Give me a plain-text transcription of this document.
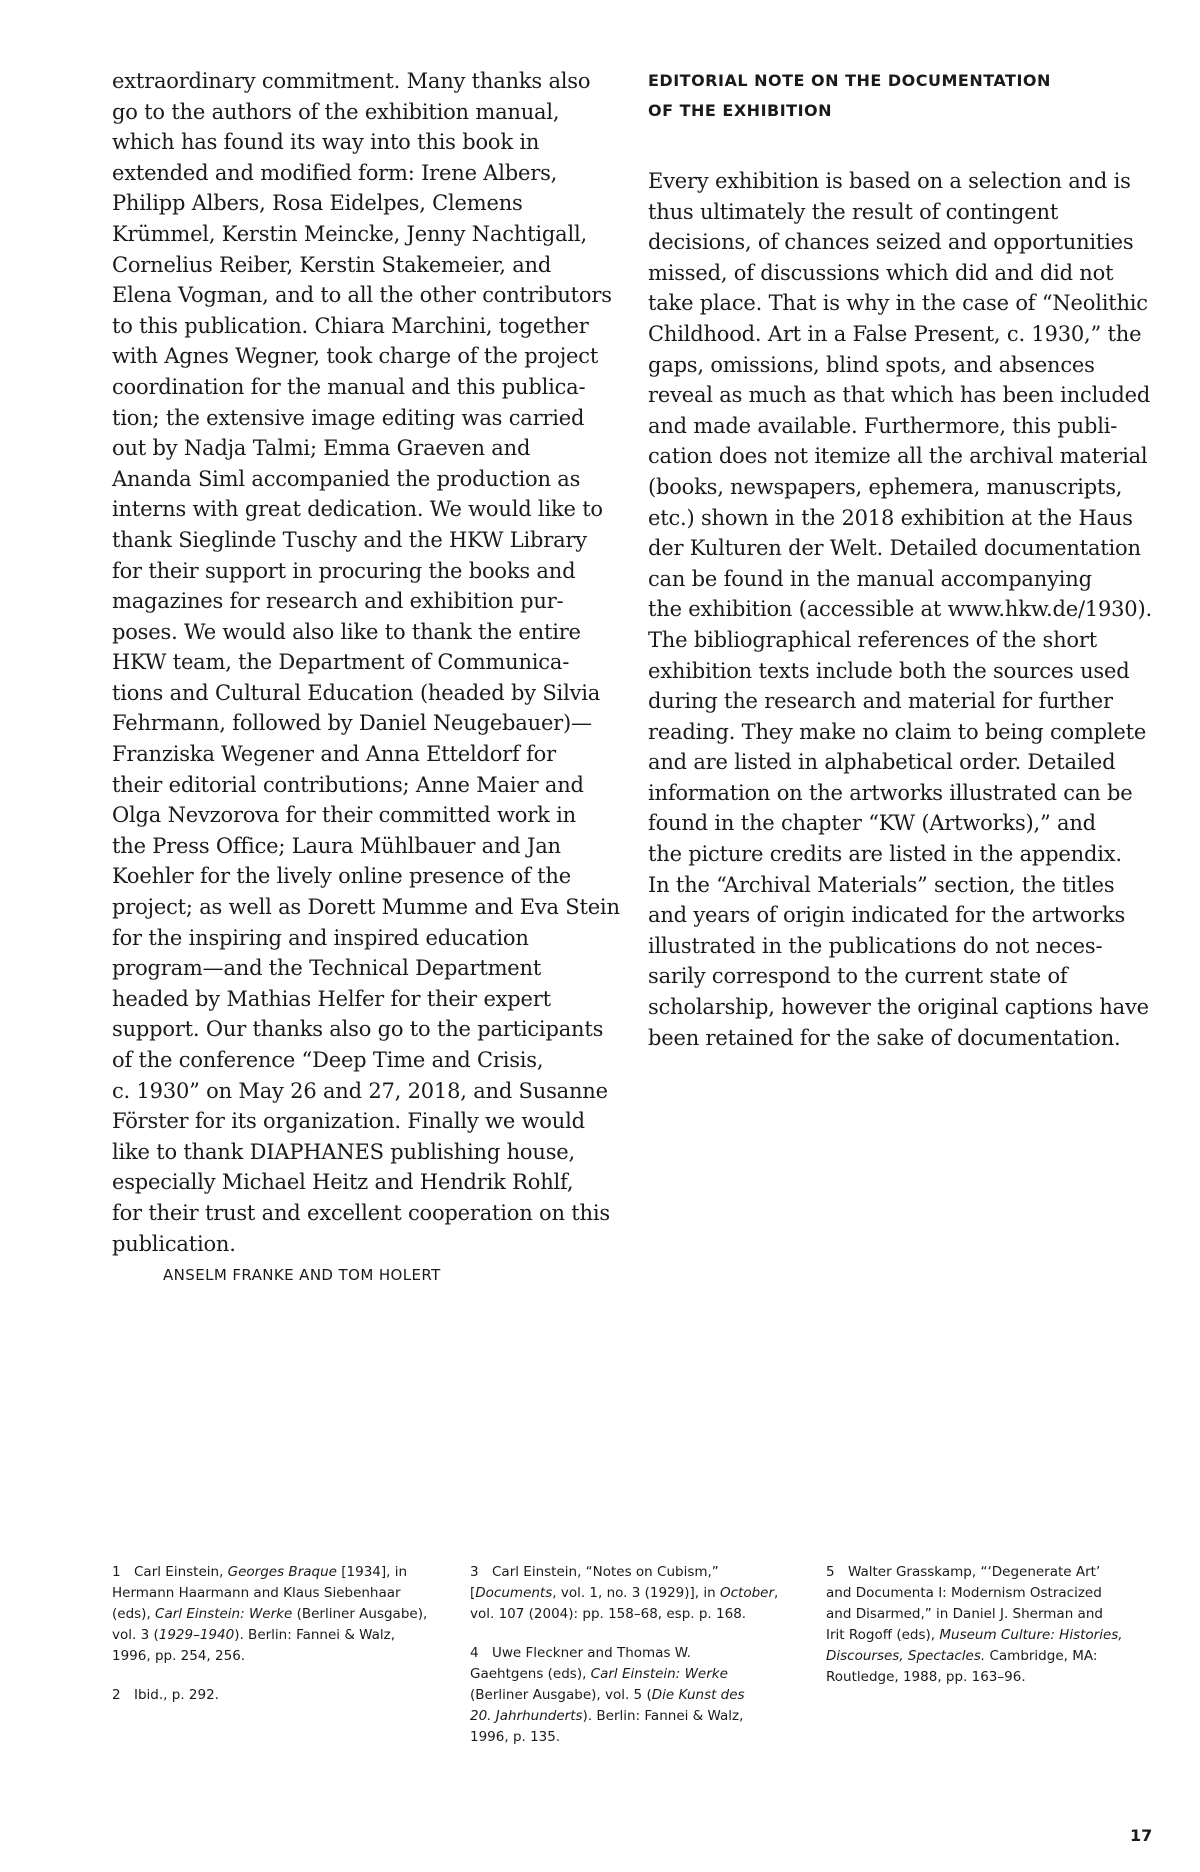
extraordinary commitment. Many thanks also
go to the authors of the exhibition manual,
which has found its way into this book in
extended and modified form: Irene Albers,
Philipp Albers, Rosa Eidelpes, Clemens
Krümmel, Kerstin Meincke, Jenny Nachtigall,
Cornelius Reiber, Kerstin Stakemeier, and
Elena Vogman, and to all the other contributors
to this publication. Chiara Marchini, together
with Agnes Wegner, took charge of the project
coordination for the manual and this publica-
tion; the extensive image editing was carried
out by Nadja Talmi; Emma Graeven and
Ananda Siml accompanied the production as
interns with great dedication. We would like to
thank Sieglinde Tuschy and the HKW Library
for their support in procuring the books and
magazines for research and exhibition pur-
poses. We would also like to thank the entire
HKW team, the Department of Communica-
tions and Cultural Education (headed by Silvia
Fehrmann, followed by Daniel Neugebauer)—
Franziska Wegener and Anna Etteldorf for
their editorial contributions; Anne Maier and
Olga Nevzorova for their committed work in
the Press Office; Laura Mühlbauer and Jan
Koehler for the lively online presence of the
project; as well as Dorett Mumme and Eva Stein
for the inspiring and inspired education
program—and the Technical Department
headed by Mathias Helfer for their expert
support. Our thanks also go to the participants
of the conference “Deep Time and Crisis,
c. 1930” on May 26 and 27, 2018, and Susanne
Förster for its organization. Finally we would
like to thank DIAPHANES publishing house,
especially Michael Heitz and Hendrik Rohlf,
for their trust and excellent cooperation on this
publication.

ANSELM FRANKE AND TOM HOLERT

EDITORIAL NOTE ON THE DOCUMENTATION
OF THE EXHIBITION

Every exhibition is based on a selection and is
thus ultimately the result of contingent
decisions, of chances seized and opportunities
missed, of discussions which did and did not
take place. That is why in the case of “Neolithic
Childhood. Art in a False Present, c. 1930,” the
gaps, omissions, blind spots, and absences
reveal as much as that which has been included
and made available. Furthermore, this publi-
cation does not itemize all the archival material
(books, newspapers, ephemera, manuscripts,
etc.) shown in the 2018 exhibition at the Haus
der Kulturen der Welt. Detailed documentation
can be found in the manual accompanying
the exhibition (accessible at www.hkw.de/1930).
The bibliographical references of the short
exhibition texts include both the sources used
during the research and material for further
reading. They make no claim to being complete
and are listed in alphabetical order. Detailed
information on the artworks illustrated can be
found in the chapter “KW (Artworks),” and
the picture credits are listed in the appendix.
In the “Archival Materials” section, the titles
and years of origin indicated for the artworks
illustrated in the publications do not neces-
sarily correspond to the current state of
scholarship, however the original captions have
been retained for the sake of documentation.

1 Carl Einstein, Georges Braque [1934], in
Hermann Haarmann and Klaus Siebenhaar
(eds), Carl Einstein: Werke (Berliner Ausgabe),
vol. 3 (1929–1940). Berlin: Fannei & Walz,
1996, pp. 254, 256.

2 Ibid., p. 292.

3 Carl Einstein, “Notes on Cubism,”
[Documents, vol. 1, no. 3 (1929)], in October,
vol. 107 (2004): pp. 158–68, esp. p. 168.

4 Uwe Fleckner and Thomas W.
Gaehtgens (eds), Carl Einstein: Werke
(Berliner Ausgabe), vol. 5 (Die Kunst des
20. Jahrhunderts). Berlin: Fannei & Walz,
1996, p. 135.

5 Walter Grasskamp, “‘Degenerate Art’
and Documenta I: Modernism Ostracized
and Disarmed,” in Daniel J. Sherman and
Irit Rogoff (eds), Museum Culture: Histories,
Discourses, Spectacles. Cambridge, MA:
Routledge, 1988, pp. 163–96.

17
